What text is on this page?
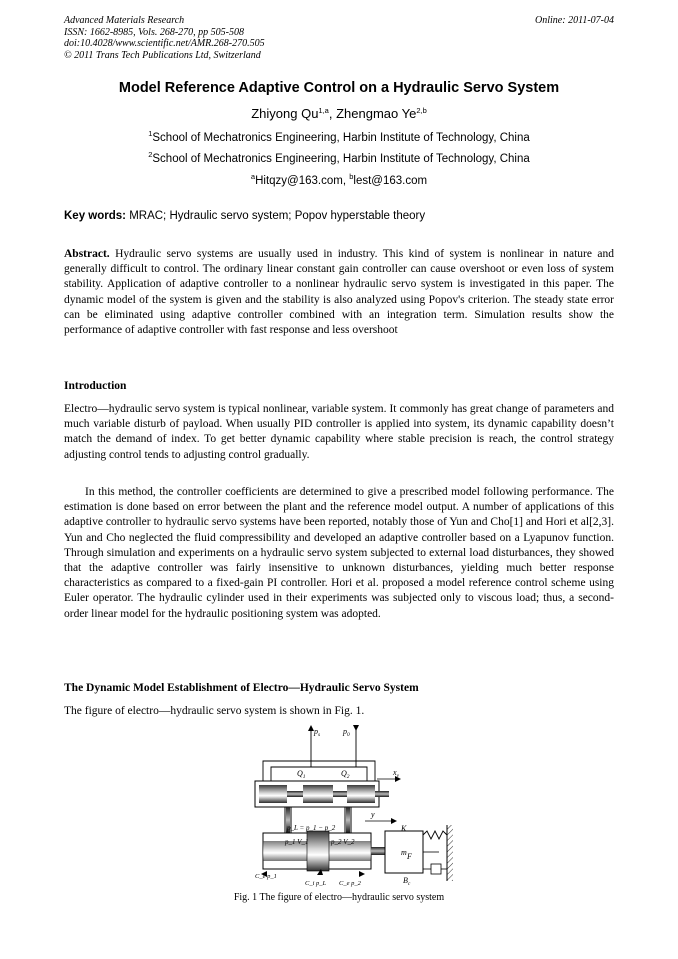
Advanced Materials Research
ISSN: 1662-8985, Vols. 268-270, pp 505-508
doi:10.4028/www.scientific.net/AMR.268-270.505
© 2011 Trans Tech Publications Ltd, Switzerland
Online: 2011-07-04
Model Reference Adaptive Control on a Hydraulic Servo System
Zhiyong Qu$^{1,a}$, Zhengmao Ye$^{2,b}$
$^1$School of Mechatronics Engineering, Harbin Institute of Technology, China
$^2$School of Mechatronics Engineering, Harbin Institute of Technology, China
$^a$Hitqzy@163.com, $^b$lest@163.com
Key words: MRAC; Hydraulic servo system; Popov hyperstable theory
Abstract. Hydraulic servo systems are usually used in industry. This kind of system is nonlinear in nature and generally difficult to control. The ordinary linear constant gain controller can cause overshoot or even loss of system stability. Application of adaptive controller to a nonlinear hydraulic servo system is investigated in this paper. The dynamic model of the system is given and the stability is also analyzed using Popov's criterion. The steady state error can be eliminated using adaptive controller combined with an integration term. Simulation results show the performance of adaptive controller with fast response and less overshoot
Introduction
Electro—hydraulic servo system is typical nonlinear, variable system. It commonly has great change of parameters and much variable disturb of payload. When usually PID controller is applied into system, its dynamic capability doesn’t match the demand of index. To get better dynamic capability where stable precision is reach, the control strategy adjusting control tends to adjusting control gradually.
In this method, the controller coefficients are determined to give a prescribed model following performance. The estimation is done based on error between the plant and the reference model output. A number of applications of this adaptive controller to hydraulic servo systems have been reported, notably those of Yun and Cho[1] and Hori et al[2,3]. Yun and Cho neglected the fluid compressibility and developed an adaptive controller based on a Lyapunov function. Through simulation and experiments on a hydraulic servo system subjected to external load disturbances, they showed that the adaptive controller was fairly insensitive to unknown disturbances, yielding much better response characteristics as compared to a fixed-gain PI controller. Hori et al. proposed a model reference control scheme using Euler operator. The hydraulic cylinder used in their experiments was subjected only to viscous load; thus, a second-order linear model for the hydraulic positioning system was adopted.
The Dynamic Model Establishment of Electro—Hydraulic Servo System
The figure of electro—hydraulic servo system is shown in Fig. 1.
$p_s$	$p_0$
$Q_1$	$Q_2$	$x_v$
y
p_L = p_1 − p_2
p_1 V_1	p_2 V_2
K
m F
$B_c$
C_e p_1
C_i p_L C_e p_2
Fig. 1 The figure of electro—hydraulic servo system
